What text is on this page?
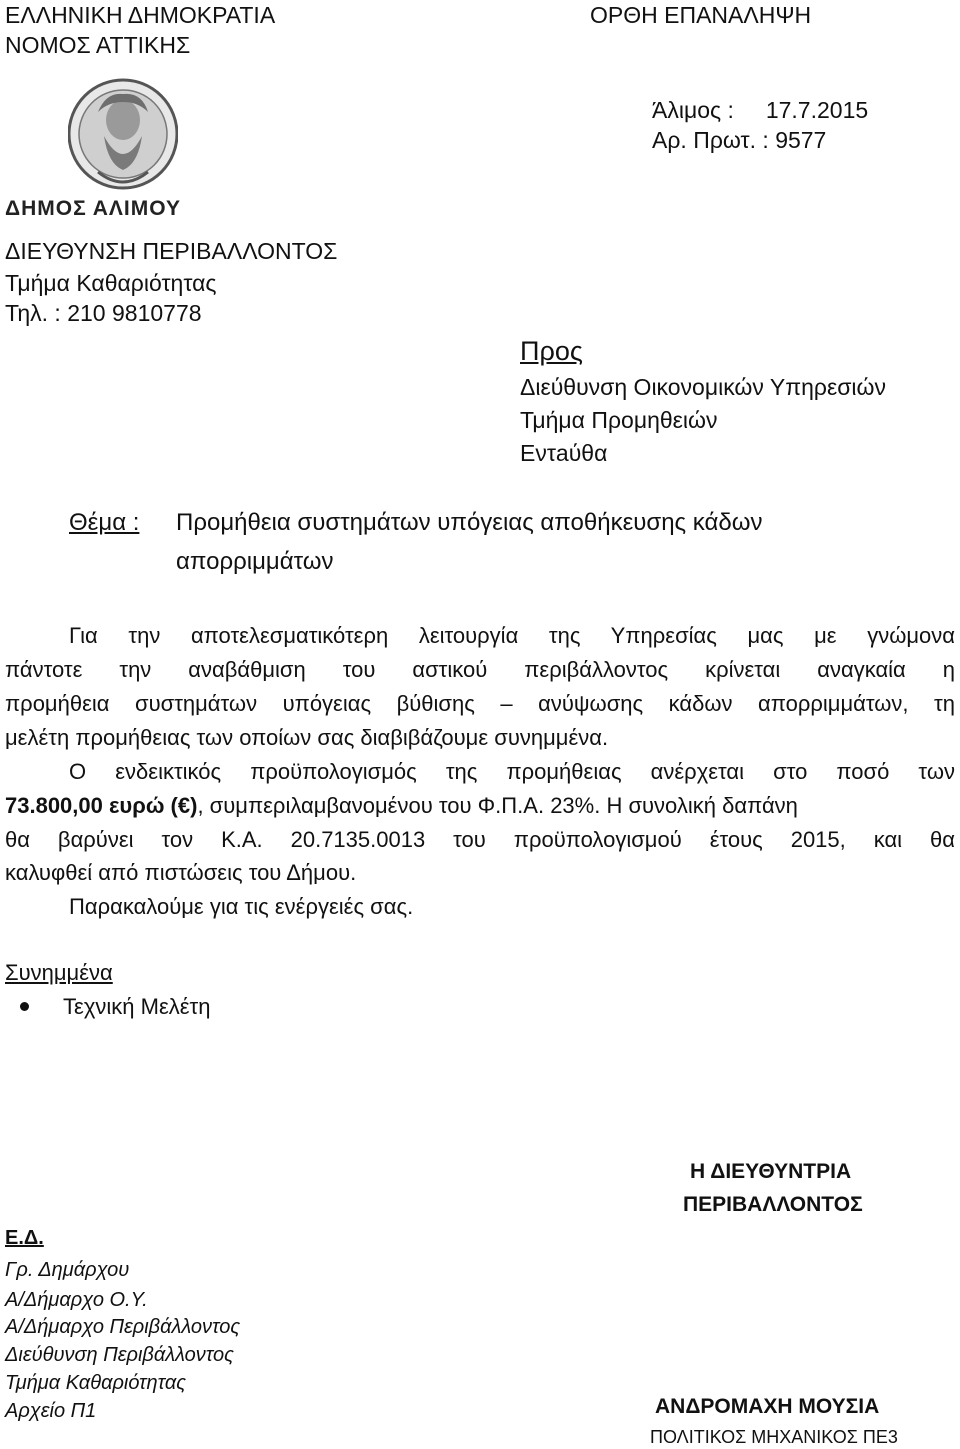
ΕΛΛΗΝΙΚΗ ΔΗΜΟΚΡΑΤΙΑ
ΝΟΜΟΣ ΑΤΤΙΚΗΣ
ΟΡΘΗ ΕΠΑΝΑΛΗΨΗ
Άλιμος : 17.7.2015
Αρ. Πρωτ. : 9577
ΔΗΜΟΣ ΑΛΙΜΟΥ
ΔΙΕΥΘΥΝΣΗ ΠΕΡΙΒΑΛΛΟΝΤΟΣ
Τμήμα Καθαριότητας
Τηλ. : 210 9810778
Προς
Διεύθυνση Οικονομικών Υπηρεσιών
Τμήμα Προμηθειών
Εντaύθα
Θέμα : Προμήθεια συστημάτων υπόγειας αποθήκευσης κάδων
απορριμμάτων
Για την αποτελεσματικότερη λειτουργία της Υπηρεσίας μας με γνώμονα
πάντοτε την αναβάθμιση του αστικού περιβάλλοντος κρίνεται αναγκαία η
προμήθεια συστημάτων υπόγειας βύθισης – ανύψωσης κάδων απορριμμάτων, τη
μελέτη προμήθειας των οποίων σας διαβιβάζουμε συνημμένα.
Ο ενδεικτικός προϋπολογισμός της προμήθειας ανέρχεται στο ποσό των
73.800,00 ευρώ (€), συμπεριλαμβανομένου του Φ.Π.Α. 23%. Η συνολική δαπάνη
θα βαρύνει τον Κ.Α. 20.7135.0013 του προϋπολογισμού έτους 2015, και θα
καλυφθεί από πιστώσεις του Δήμου.
Παρακαλούμε για τις ενέργειές σας.
Συνημμένα
Τεχνική Μελέτη
Η ΔΙΕΥΘΥΝΤΡΙΑ
ΠΕΡΙΒΑΛΛΟΝΤΟΣ
ΑΝΔΡΟΜΑΧΗ ΜΟΥΣΙΑ
ΠΟΛΙΤΙΚΟΣ ΜΗΧΑΝΙΚΟΣ ΠΕ3
Ε.Δ.
Γρ. Δημάρχου
Α/Δήμαρχο Ο.Υ.
Α/Δήμαρχο Περιβάλλοντος
Διεύθυνση Περιβάλλοντος
Τμήμα Καθαριότητας
Αρχείο Π1
